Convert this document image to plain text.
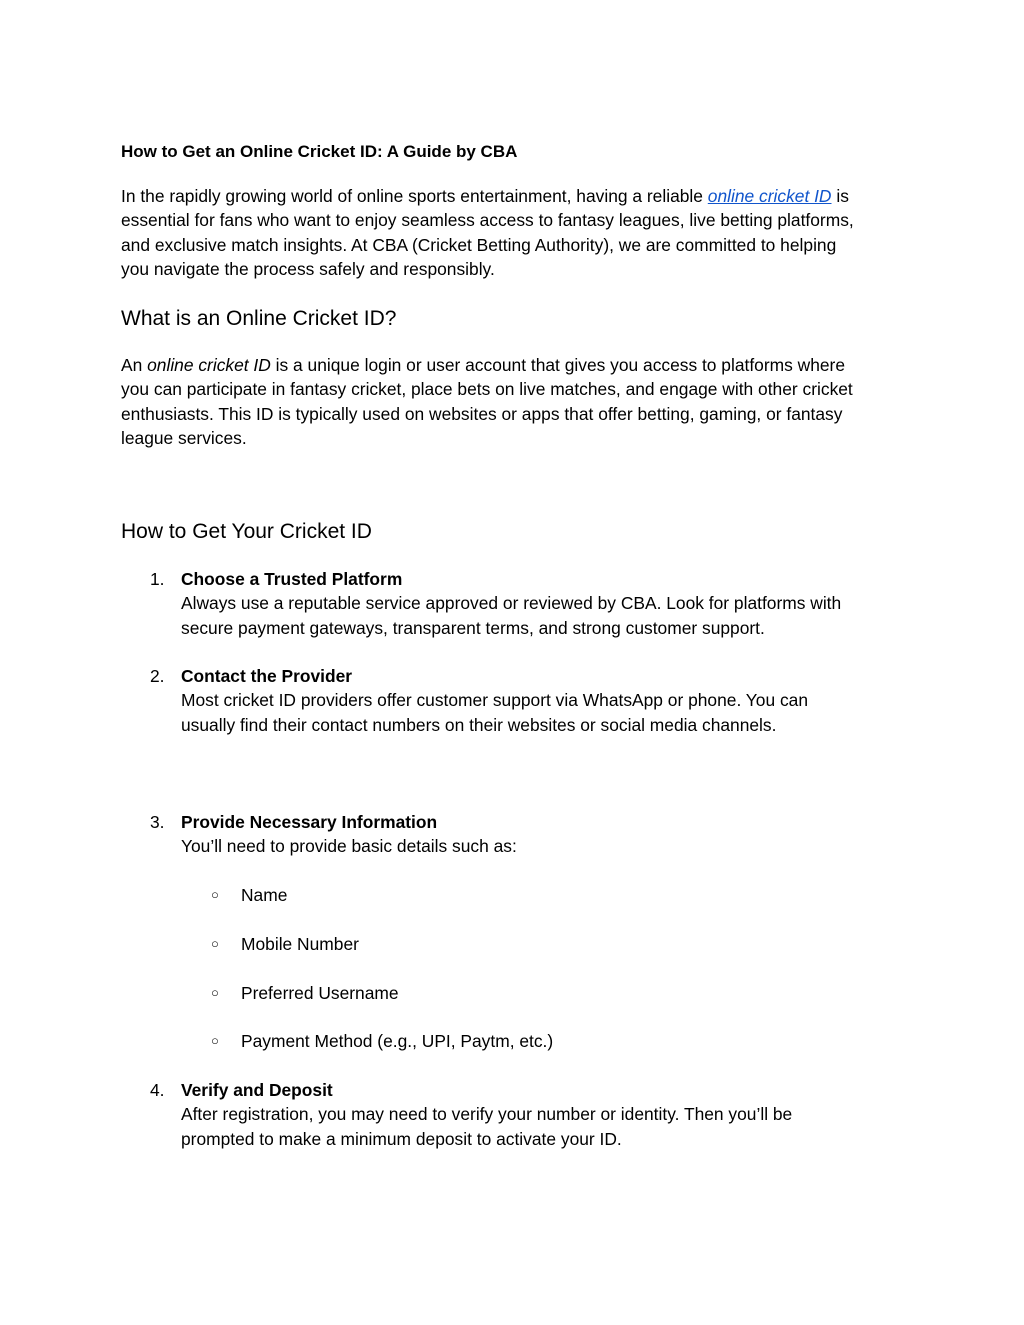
How to Get an Online Cricket ID: A Guide by CBA

In the rapidly growing world of online sports entertainment, having a reliable online cricket ID is

essential for fans who want to enjoy seamless access to fantasy leagues, live betting platforms,

and exclusive match insights. At CBA (Cricket Betting Authority), we are committed to helping

you navigate the process safely and responsibly.

What is an Online Cricket ID?

An online cricket ID is a unique login or user account that gives you access to platforms where

you can participate in fantasy cricket, place bets on live matches, and engage with other cricket

enthusiasts. This ID is typically used on websites or apps that offer betting, gaming, or fantasy

league services.

How to Get Your Cricket ID
1. Choose a Trusted Platform
Always use a reputable service approved or reviewed by CBA. Look for platforms with
secure payment gateways, transparent terms, and strong customer support.
2. Contact the Provider
Most cricket ID providers offer customer support via WhatsApp or phone. You can
usually find their contact numbers on their websites or social media channels.
3. Provide Necessary Information
You’ll need to provide basic details such as:
○ Name
○ Mobile Number
○ Preferred Username
○ Payment Method (e.g., UPI, Paytm, etc.)
4. Verify and Deposit
After registration, you may need to verify your number or identity. Then you’ll be
prompted to make a minimum deposit to activate your ID.
